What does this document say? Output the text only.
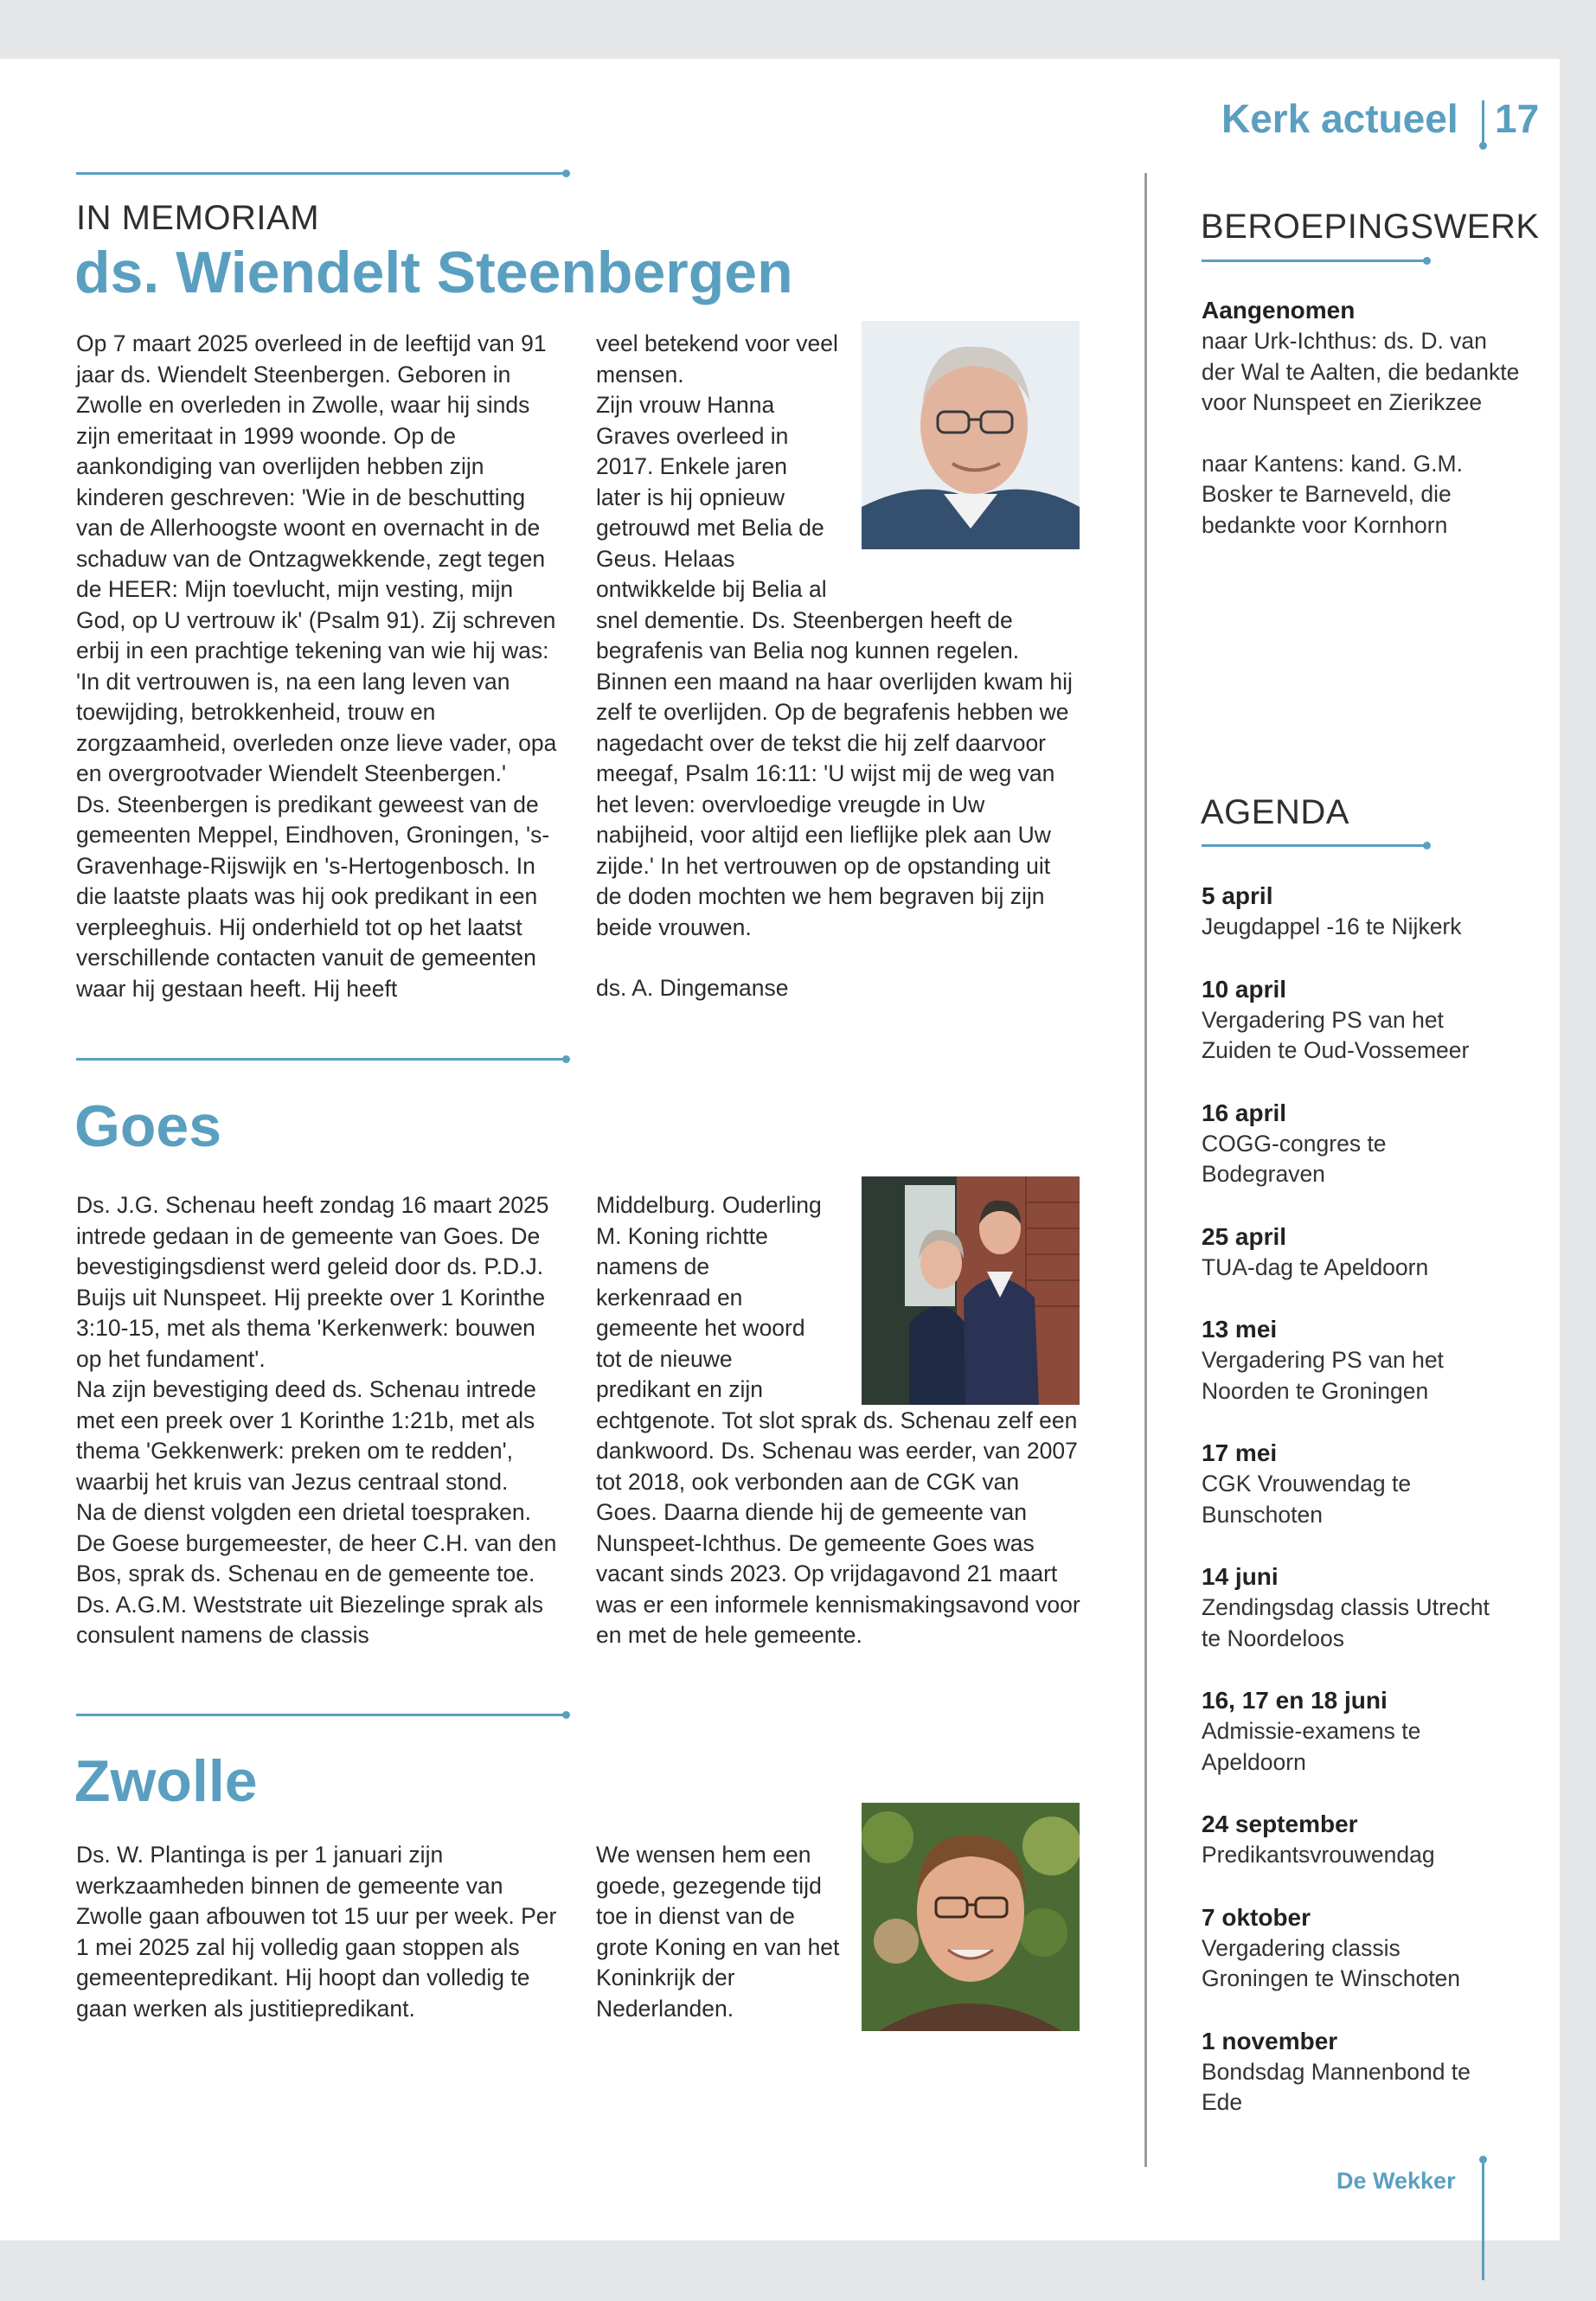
Kerk actueel 17
IN MEMORIAM
ds. Wiendelt Steenbergen

Op 7 maart 2025 overleed in de leeftijd van 91 jaar ds. Wiendelt Steenbergen. Geboren in Zwolle en overleden in Zwolle, waar hij sinds zijn emeritaat in 1999 woonde. Op de aankondiging van overlijden hebben zijn kinderen geschreven: 'Wie in de beschutting van de Allerhoogste woont en overnacht in de schaduw van de Ontzagwekkende, zegt tegen de HEER: Mijn toevlucht, mijn vesting, mijn God, op U vertrouw ik' (Psalm 91). Zij schreven erbij in een prachtige tekening van wie hij was: 'In dit vertrouwen is, na een lang leven van toewijding, betrokkenheid, trouw en zorgzaamheid, overleden onze lieve vader, opa en overgrootvader Wiendelt Steenbergen.'

Ds. Steenbergen is predikant geweest van de gemeenten Meppel, Eindhoven, Groningen, 's-Gravenhage-Rijswijk en 's-Hertogenbosch. In die laatste plaats was hij ook predikant in een verpleeghuis. Hij onderhield tot op het laatst verschillende contacten vanuit de gemeenten waar hij gestaan heeft. Hij heeft

veel betekend voor veel mensen.

Zijn vrouw Hanna Graves overleed in 2017. Enkele jaren later is hij opnieuw getrouwd met Belia de Geus. Helaas ontwikkelde bij Belia al snel dementie. Ds. Steenbergen heeft de begrafenis van Belia nog kunnen regelen. Binnen een maand na haar overlijden kwam hij zelf te overlijden. Op de begrafenis hebben we nagedacht over de tekst die hij zelf daarvoor meegaf, Psalm 16:11: 'U wijst mij de weg van het leven: overvloedige vreugde in Uw nabijheid, voor altijd een lieflijke plek aan Uw zijde.' In het vertrouwen op de opstanding uit de doden mochten we hem begraven bij zijn beide vrouwen.

ds. A. Dingemanse

Goes

Ds. J.G. Schenau heeft zondag 16 maart 2025 intrede gedaan in de gemeente van Goes. De bevestigingsdienst werd geleid door ds. P.D.J. Buijs uit Nunspeet. Hij preekte over 1 Korinthe 3:10-15, met als thema 'Kerkenwerk: bouwen op het fundament'.

Na zijn bevestiging deed ds. Schenau intrede met een preek over 1 Korinthe 1:21b, met als thema 'Gekkenwerk: preken om te redden', waarbij het kruis van Jezus centraal stond.

Na de dienst volgden een drietal toespraken. De Goese burgemeester, de heer C.H. van den Bos, sprak ds. Schenau en de gemeente toe. Ds. A.G.M. Weststrate uit Biezelinge sprak als consulent namens de classis

Middelburg. Ouderling M. Koning richtte namens de kerkenraad en gemeente het woord tot de nieuwe predikant en zijn echtgenote. Tot slot sprak ds. Schenau zelf een dankwoord. Ds. Schenau was eerder, van 2007 tot 2018, ook verbonden aan de CGK van Goes. Daarna diende hij de gemeente van Nunspeet-Ichthus. De gemeente Goes was vacant sinds 2023. Op vrijdagavond 21 maart was er een informele kennismakingsavond voor en met de hele gemeente.

Zwolle

Ds. W. Plantinga is per 1 januari zijn werkzaamheden binnen de gemeente van Zwolle gaan afbouwen tot 15 uur per week. Per 1 mei 2025 zal hij volledig gaan stoppen als gemeentepredikant. Hij hoopt dan volledig te gaan werken als justitiepredikant.

We wensen hem een goede, gezegende tijd toe in dienst van de grote Koning en van het Koninkrijk der Nederlanden.

BEROEPINGSWERK
Aangenomen
naar Urk-Ichthus: ds. D. van der Wal te Aalten, die bedankte voor Nunspeet en Zierikzee
naar Kantens: kand. G.M. Bosker te Barneveld, die bedankte voor Kornhorn
AGENDA
5 april
Jeugdappel -16 te Nijkerk
10 april
Vergadering PS van het Zuiden te Oud-Vossemeer
16 april
COGG-congres te Bodegraven
25 april
TUA-dag te Apeldoorn
13 mei
Vergadering PS van het Noorden te Groningen
17 mei
CGK Vrouwendag te Bunschoten
14 juni
Zendingsdag classis Utrecht te Noordeloos
16, 17 en 18 juni
Admissie-examens te Apeldoorn
24 september
Predikantsvrouwendag
7 oktober
Vergadering classis Groningen te Winschoten
1 november
Bondsdag Mannenbond te Ede
De Wekker
